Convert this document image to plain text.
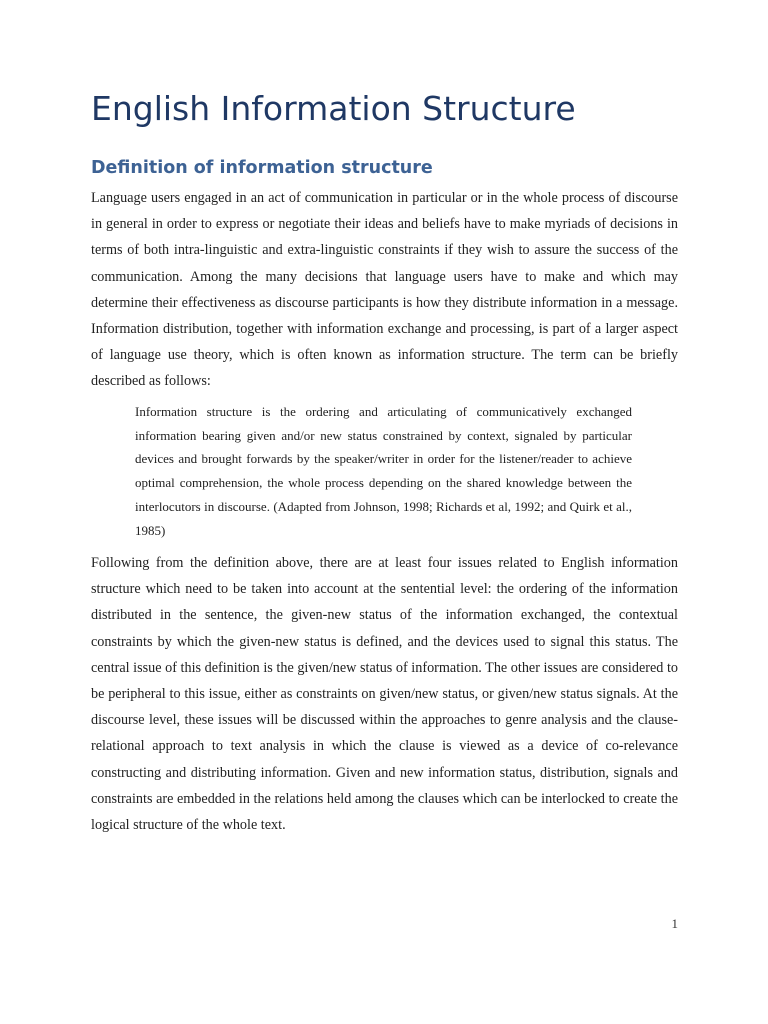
English Information Structure
Definition of information structure

Language users engaged in an act of communication in particular or in the whole process of discourse in general in order to express or negotiate their ideas and beliefs have to make myriads of decisions in terms of both intra-linguistic and extra-linguistic constraints if they wish to assure the success of the communication. Among the many decisions that language users have to make and which may determine their effectiveness as discourse participants is how they distribute information in a message. Information distribution, together with information exchange and processing, is part of a larger aspect of language use theory, which is often known as information structure. The term can be briefly described as follows:

Information structure is the ordering and articulating of communicatively exchanged information bearing given and/or new status constrained by context, signaled by particular devices and brought forwards by the speaker/writer in order for the listener/reader to achieve optimal comprehension, the whole process depending on the shared knowledge between the interlocutors in discourse. (Adapted from Johnson, 1998; Richards et al, 1992; and Quirk et al., 1985)

Following from the definition above, there are at least four issues related to English information structure which need to be taken into account at the sentential level: the ordering of the information distributed in the sentence, the given-new status of the information exchanged, the contextual constraints by which the given-new status is defined, and the devices used to signal this status. The central issue of this definition is the given/new status of information. The other issues are considered to be peripheral to this issue, either as constraints on given/new status, or given/new status signals. At the discourse level, these issues will be discussed within the approaches to genre analysis and the clause-relational approach to text analysis in which the clause is viewed as a device of co-relevance constructing and distributing information. Given and new information status, distribution, signals and constraints are embedded in the relations held among the clauses which can be interlocked to create the logical structure of the whole text.

1
